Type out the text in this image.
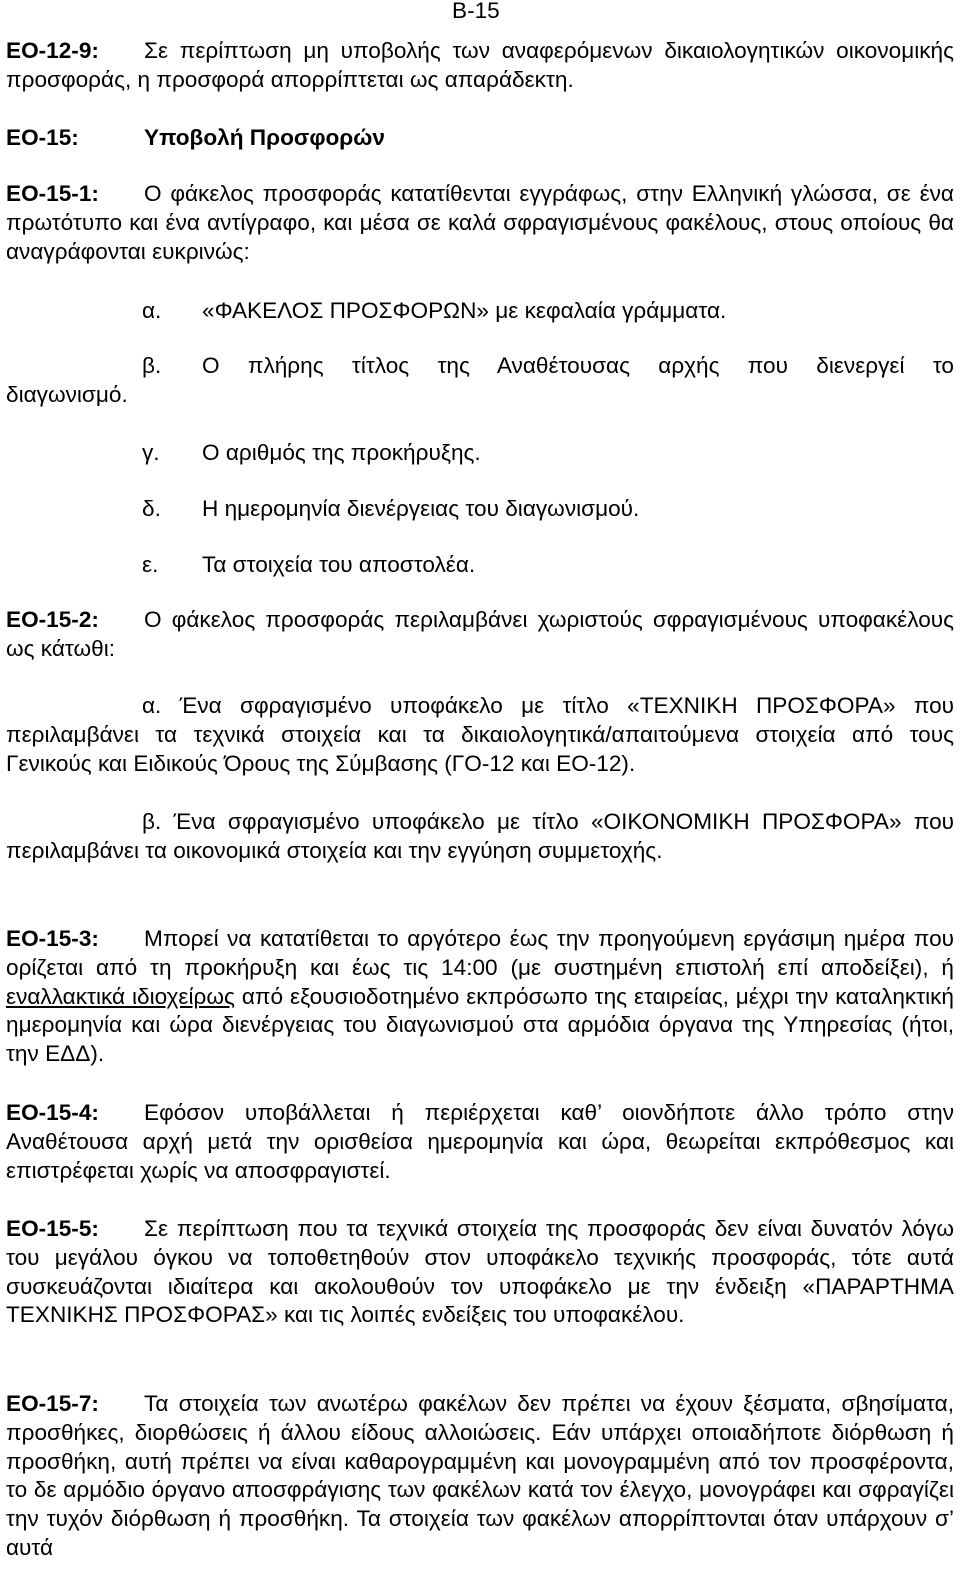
Β-15

ΕΟ-12-9: Σε περίπτωση μη υποβολής των αναφερόμενων δικαιολογητικών οικονομικής προσφοράς, η προσφορά απορρίπτεται ως απαράδεκτη.

ΕΟ-15:	Υποβολή Προσφορών

ΕΟ-15-1: Ο φάκελος προσφοράς κατατίθενται εγγράφως, στην Ελληνική γλώσσα, σε ένα πρωτότυπο και ένα αντίγραφο, και μέσα σε καλά σφραγισμένους φακέλους, στους οποίους θα αναγράφονται ευκρινώς:

α. «ΦΑΚΕΛΟΣ ΠΡΟΣΦΟΡΩΝ» με κεφαλαία γράμματα.
β. Ο πλήρης τίτλος της Αναθέτουσας αρχής που διενεργεί το
διαγωνισμό.
γ. Ο αριθμός της προκήρυξης.
δ. Η ημερομηνία διενέργειας του διαγωνισμού.
ε. Τα στοιχεία του αποστολέα.

ΕΟ-15-2: Ο φάκελος προσφοράς περιλαμβάνει χωριστούς σφραγισμένους υποφακέλους ως κάτωθι:

α. Ένα σφραγισμένο υποφάκελο με τίτλο «ΤΕΧΝΙΚΗ ΠΡΟΣΦΟΡΑ» που περιλαμβάνει τα τεχνικά στοιχεία και τα δικαιολογητικά/απαιτούμενα στοιχεία από τους Γενικούς και Ειδικούς Όρους της Σύμβασης (ΓΟ-12 και ΕΟ-12).

β. Ένα σφραγισμένο υποφάκελο με τίτλο «ΟΙΚΟΝΟΜΙΚΗ ΠΡΟΣΦΟΡΑ» που περιλαμβάνει τα οικονομικά στοιχεία και την εγγύηση συμμετοχής.

ΕΟ-15-3: Μπορεί να κατατίθεται το αργότερο έως την προηγούμενη εργάσιμη ημέρα που ορίζεται από τη προκήρυξη και έως τις 14:00 (με συστημένη επιστολή επί αποδείξει), ή εναλλακτικά ιδιοχείρως από εξουσιοδοτημένο εκπρόσωπο της εταιρείας, μέχρι την καταληκτική ημερομηνία και ώρα διενέργειας του διαγωνισμού στα αρμόδια όργανα της Υπηρεσίας (ήτοι, την ΕΔΔ).

ΕΟ-15-4: Εφόσον υποβάλλεται ή περιέρχεται καθ’ οιονδήποτε άλλο τρόπο στην Αναθέτουσα αρχή μετά την ορισθείσα ημερομηνία και ώρα, θεωρείται εκπρόθεσμος και επιστρέφεται χωρίς να αποσφραγιστεί.

ΕΟ-15-5: Σε περίπτωση που τα τεχνικά στοιχεία της προσφοράς δεν είναι δυνατόν λόγω του μεγάλου όγκου να τοποθετηθούν στον υποφάκελο τεχνικής προσφοράς, τότε αυτά συσκευάζονται ιδιαίτερα και ακολουθούν τον υποφάκελο με την ένδειξη «ΠΑΡΑΡΤΗΜΑ ΤΕΧΝΙΚΗΣ ΠΡΟΣΦΟΡΑΣ» και τις λοιπές ενδείξεις του υποφακέλου.

ΕΟ-15-7: Τα στοιχεία των ανωτέρω φακέλων δεν πρέπει να έχουν ξέσματα, σβησίματα, προσθήκες, διορθώσεις ή άλλου είδους αλλοιώσεις. Εάν υπάρχει οποιαδήποτε διόρθωση ή προσθήκη, αυτή πρέπει να είναι καθαρογραμμένη και μονογραμμένη από τον προσφέροντα, το δε αρμόδιο όργανο αποσφράγισης των φακέλων κατά τον έλεγχο, μονογράφει και σφραγίζει την τυχόν διόρθωση ή προσθήκη. Τα στοιχεία των φακέλων απορρίπτονται όταν υπάρχουν σ’ αυτά
